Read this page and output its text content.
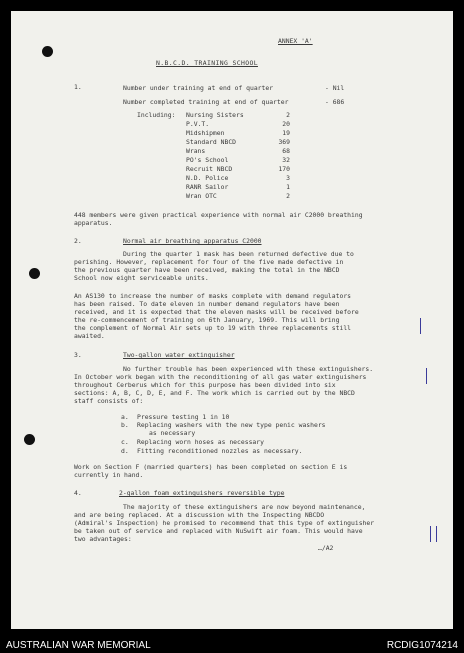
ANNEX 'A'
N.B.C.D. TRAINING SCHOOL
1.	Number under training at end of quarter	- Nil
Number completed training at end of quarter	- 686
Including: Nursing Sisters	2
P.V.T.	20
Midshipmen	19
Standard NBCD	369
Wrans	68
PO's School	32
Recruit NBCD	170
N.D. Police	3
RANR Sailor	1
Wran OTC	2
448 members were given practical experience with normal air C2000 breathing
apparatus.
2.	Normal air breathing apparatus C2000
During the quarter 1 mask has been returned defective due to
perishing. However, replacement for four of the five made defective in
the previous quarter have been received, making the total in the NBCD
School now eight serviceable units.
An AS130 to increase the number of masks complete with demand regulators
has been raised. To date eleven in number demand regulators have been
received, and it is expected that the eleven masks will be received before
the re-commencement of training on 6th January, 1969. This will bring
the complement of Normal Air sets up to 19 with three replacements still
awaited.
3.	Two-gallon water extinguisher
No further trouble has been experienced with these extinguishers.
In October work began with the reconditioning of all gas water extinguishers
throughout Cerberus which for this purpose has been divided into six
sections: A, B, C, D, E, and F. The work which is carried out by the NBCD
staff consists of:
a. Pressure testing 1 in 10
b. Replacing washers with the new type penic washers
as necessary
c. Replacing worn hoses as necessary
d. Fitting reconditioned nozzles as necessary.
Work on Section F (married quarters) has been completed on section E is
currently in hand.
4.	2-gallon foam extinguishers reversible type
The majority of these extinguishers are now beyond maintenance,
and are being replaced. At a discussion with the Inspecting NBCDO
(Admiral's Inspection) he promised to recommend that this type of extinguisher
be taken out of service and replaced with NuSwift air foam. This would have
two advantages:
…/A2
AUSTRALIAN WAR MEMORIAL	RCDIG1074214
